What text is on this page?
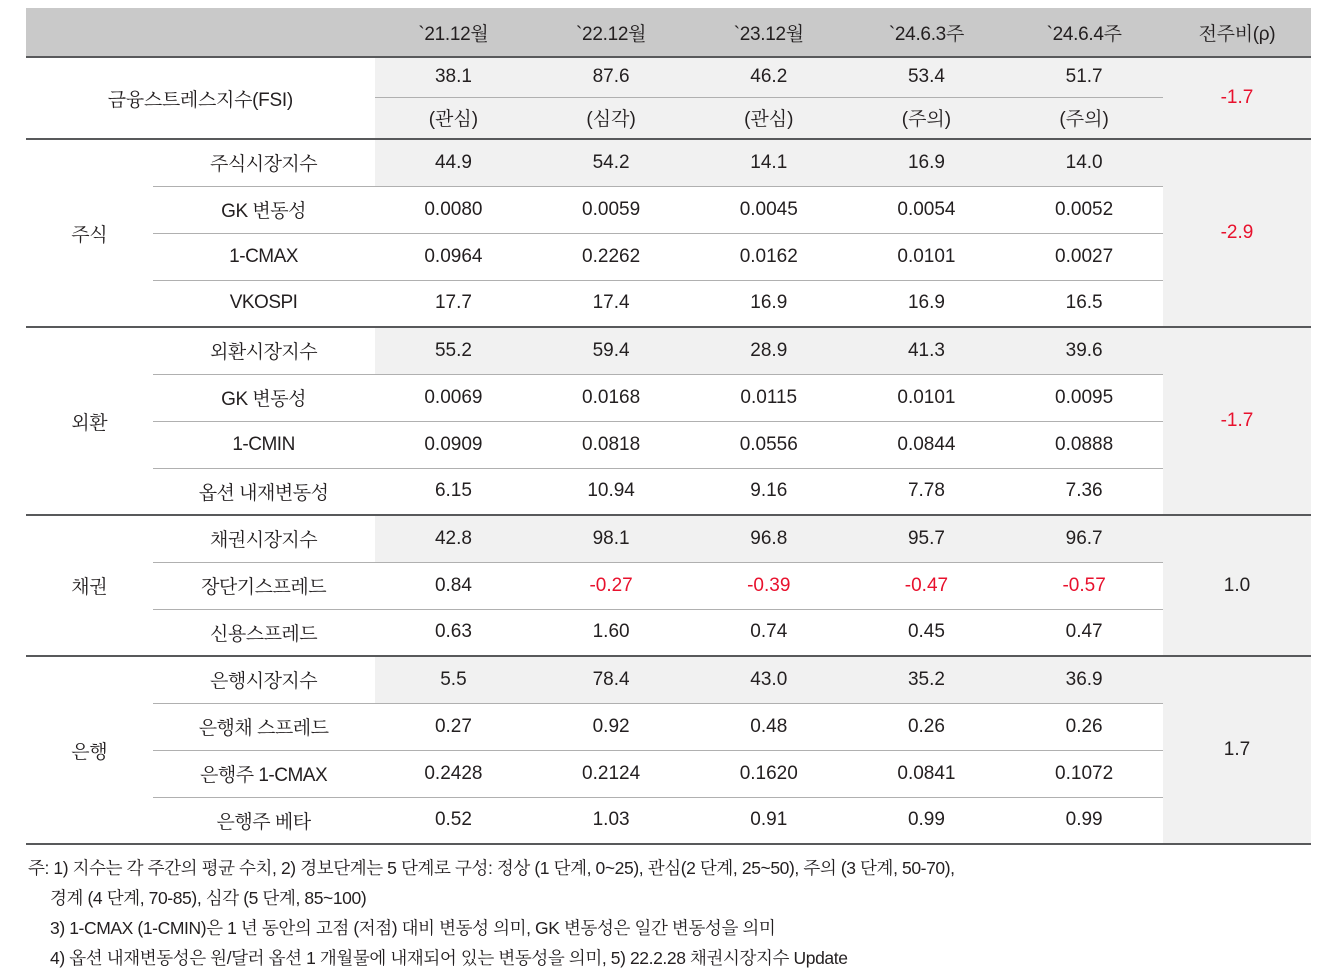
		`21.12월	`22.12월	`23.12월	`24.6.3주	`24.6.4주	전주비(ρ)
금융스트레스지수(FSI)		38.1	87.6	46.2	53.4	51.7	-1.7
		(관심)	(심각)	(관심)	(주의)	(주의)	
주식	주식시장지수	44.9	54.2	14.1	16.9	14.0	-2.9
	GK 변동성	0.0080	0.0059	0.0045	0.0054	0.0052	
	1-CMAX	0.0964	0.2262	0.0162	0.0101	0.0027	
	VKOSPI	17.7	17.4	16.9	16.9	16.5	
외환	외환시장지수	55.2	59.4	28.9	41.3	39.6	-1.7
	GK 변동성	0.0069	0.0168	0.0115	0.0101	0.0095	
	1-CMIN	0.0909	0.0818	0.0556	0.0844	0.0888	
	옵션 내재변동성	6.15	10.94	9.16	7.78	7.36	
채권	채권시장지수	42.8	98.1	96.8	95.7	96.7	1.0
	장단기스프레드	0.84	-0.27	-0.39	-0.47	-0.57	
	신용스프레드	0.63	1.60	0.74	0.45	0.47	
은행	은행시장지수	5.5	78.4	43.0	35.2	36.9	1.7
	은행채 스프레드	0.27	0.92	0.48	0.26	0.26	
	은행주 1-CMAX	0.2428	0.2124	0.1620	0.0841	0.1072	
	은행주 베타	0.52	1.03	0.91	0.99	0.99	
주: 1) 지수는 각 주간의 평균 수치, 2) 경보단계는 5 단계로 구성: 정상 (1 단계, 0~25), 관심(2 단계, 25~50), 주의 (3 단계, 50-70),
경계 (4 단계, 70-85), 심각 (5 단계, 85~100)
3) 1-CMAX (1-CMIN)은 1 년 동안의 고점 (저점) 대비 변동성 의미, GK 변동성은 일간 변동성을 의미
4) 옵션 내재변동성은 원/달러 옵션 1 개월물에 내재되어 있는 변동성을 의미, 5) 22.2.28 채권시장지수 Update
